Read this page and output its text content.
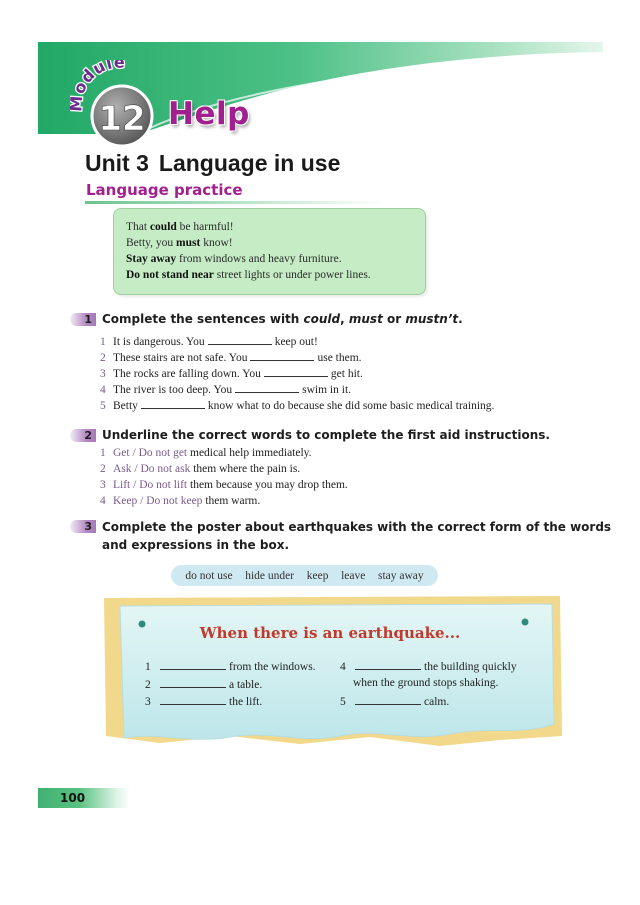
12
odule
Help
Unit 3 Language in use
Language practice
That could be harmful!
Betty, you must know!
Stay away from windows and heavy furniture.
Do not stand near street lights or under power lines.
1 Complete the sentences with could, must or mustn’t.
1 It is dangerous. You	keep out!
2 These stairs are not safe. You	use them.
3 The rocks are falling down. You	get hit.
4 The river is too deep. You	swim in it.
5 Betty	know what to do because she did some basic medical training.
2 Underline the correct words to complete the first aid instructions.
1 Get / Do not get medical help immediately.
2 Ask / Do not ask them where the pain is.
3 Lift / Do not lift them because you may drop them.
4 Keep / Do not keep them warm.
3 Complete the poster about earthquakes with the correct form of the words
and expressions in the box.
do not use hide under keep leave stay away
When there is an earthquake...
1	from the windows.
2	a table.
3	the lift.
4	the building quickly
when the ground stops shaking.
5	calm.
100
